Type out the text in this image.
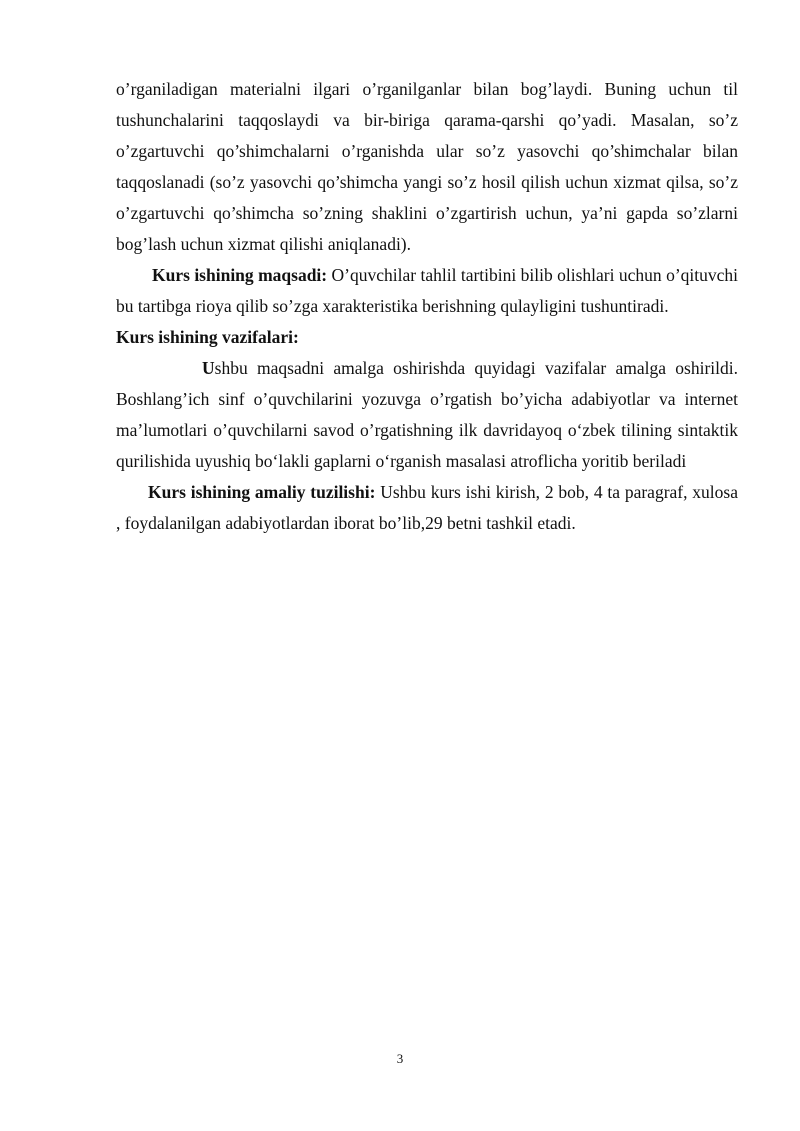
o’rganiladigan materialni ilgari o’rganilganlar bilan bog’laydi. Buning uchun til tushunchalarini taqqoslaydi va bir-biriga qarama-qarshi qo’yadi. Masalan, so’z o’zgartuvchi qo’shimchalarni o’rganishda ular so’z yasovchi qo’shimchalar bilan taqqoslanadi (so’z yasovchi qo’shimcha yangi so’z hosil qilish uchun xizmat qilsa, so’z o’zgartuvchi qo’shimcha so’zning shaklini o’zgartirish uchun, ya’ni gapda so’zlarni bog’lash uchun xizmat qilishi aniqlanadi).

Kurs ishining maqsadi: O’quvchilar tahlil tartibini bilib olishlari uchun o’qituvchi bu tartibga rioya qilib so’zga xarakteristika berishning qulayligini tushuntiradi.

Kurs ishining vazifalari:

Ushbu maqsadni amalga oshirishda quyidagi vazifalar amalga oshirildi. Boshlang’ich sinf o’quvchilarini yozuvga o’rgatish bo’yicha adabiyotlar va internet ma’lumotlari o’quvchilarni savod o’rgatishning ilk davridayoq o‘zbek tilining sintaktik qurilishida uyushiq bo‘lakli gaplarni o‘rganish masalasi atroflicha yoritib beriladi

Kurs ishining amaliy tuzilishi: Ushbu kurs ishi kirish, 2 bob, 4 ta paragraf, xulosa , foydalanilgan adabiyotlardan iborat bo’lib,29 betni tashkil etadi.

3
